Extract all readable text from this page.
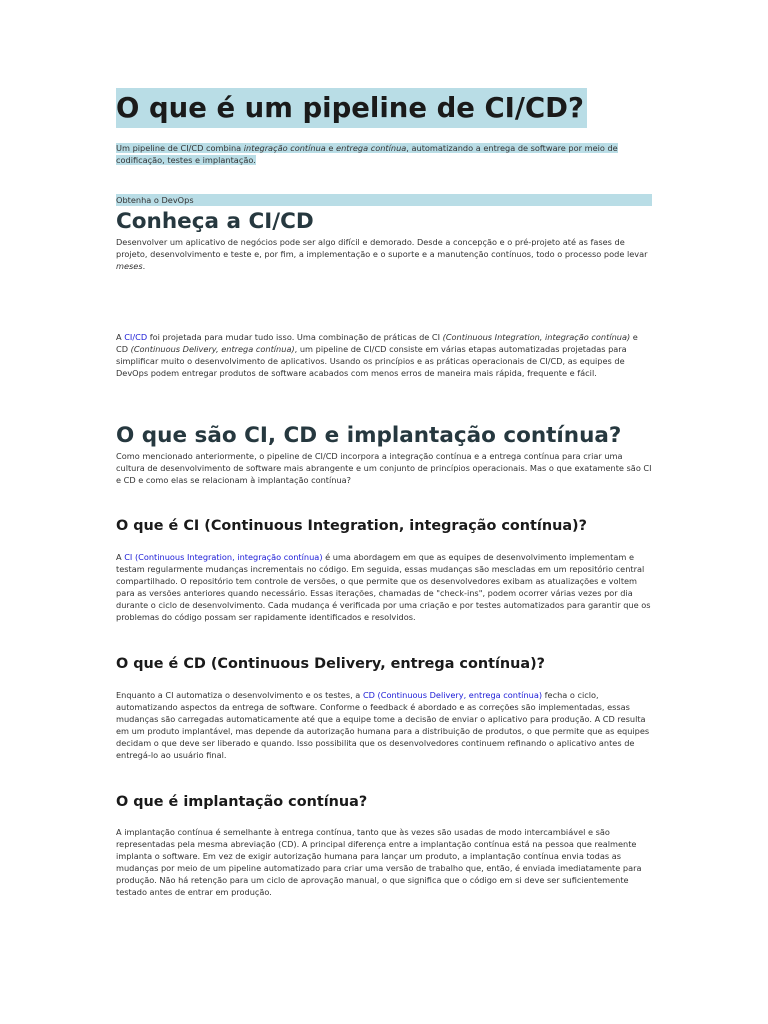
O que é um pipeline de CI/CD?

Um pipeline de CI/CD combina integração contínua e entrega contínua, automatizando a entrega de software por meio de codificação, testes e implantação.

Obtenha o DevOps
Conheça a CI/CD

Desenvolver um aplicativo de negócios pode ser algo difícil e demorado. Desde a concepção e o pré-projeto até as fases de projeto, desenvolvimento e teste e, por fim, a implementação e o suporte e a manutenção contínuos, todo o processo pode levar meses.

A CI/CD foi projetada para mudar tudo isso. Uma combinação de práticas de CI (Continuous Integration, integração contínua) e CD (Continuous Delivery, entrega contínua), um pipeline de CI/CD consiste em várias etapas automatizadas projetadas para simplificar muito o desenvolvimento de aplicativos. Usando os princípios e as práticas operacionais de CI/CD, as equipes de DevOps podem entregar produtos de software acabados com menos erros de maneira mais rápida, frequente e fácil.

O que são CI, CD e implantação contínua?

Como mencionado anteriormente, o pipeline de CI/CD incorpora a integração contínua e a entrega contínua para criar uma cultura de desenvolvimento de software mais abrangente e um conjunto de princípios operacionais. Mas o que exatamente são CI e CD e como elas se relacionam à implantação contínua?

O que é CI (Continuous Integration, integração contínua)?

A CI (Continuous Integration, integração contínua) é uma abordagem em que as equipes de desenvolvimento implementam e testam regularmente mudanças incrementais no código. Em seguida, essas mudanças são mescladas em um repositório central compartilhado. O repositório tem controle de versões, o que permite que os desenvolvedores exibam as atualizações e voltem para as versões anteriores quando necessário. Essas iterações, chamadas de "check-ins", podem ocorrer várias vezes por dia durante o ciclo de desenvolvimento. Cada mudança é verificada por uma criação e por testes automatizados para garantir que os problemas do código possam ser rapidamente identificados e resolvidos.

O que é CD (Continuous Delivery, entrega contínua)?

Enquanto a CI automatiza o desenvolvimento e os testes, a CD (Continuous Delivery, entrega contínua) fecha o ciclo, automatizando aspectos da entrega de software. Conforme o feedback é abordado e as correções são implementadas, essas mudanças são carregadas automaticamente até que a equipe tome a decisão de enviar o aplicativo para produção. A CD resulta em um produto implantável, mas depende da autorização humana para a distribuição de produtos, o que permite que as equipes decidam o que deve ser liberado e quando. Isso possibilita que os desenvolvedores continuem refinando o aplicativo antes de entregá-lo ao usuário final.

O que é implantação contínua?

A implantação contínua é semelhante à entrega contínua, tanto que às vezes são usadas de modo intercambiável e são representadas pela mesma abreviação (CD). A principal diferença entre a implantação contínua está na pessoa que realmente implanta o software. Em vez de exigir autorização humana para lançar um produto, a implantação contínua envia todas as mudanças por meio de um pipeline automatizado para criar uma versão de trabalho que, então, é enviada imediatamente para produção. Não há retenção para um ciclo de aprovação manual, o que significa que o código em si deve ser suficientemente testado antes de entrar em produção.
